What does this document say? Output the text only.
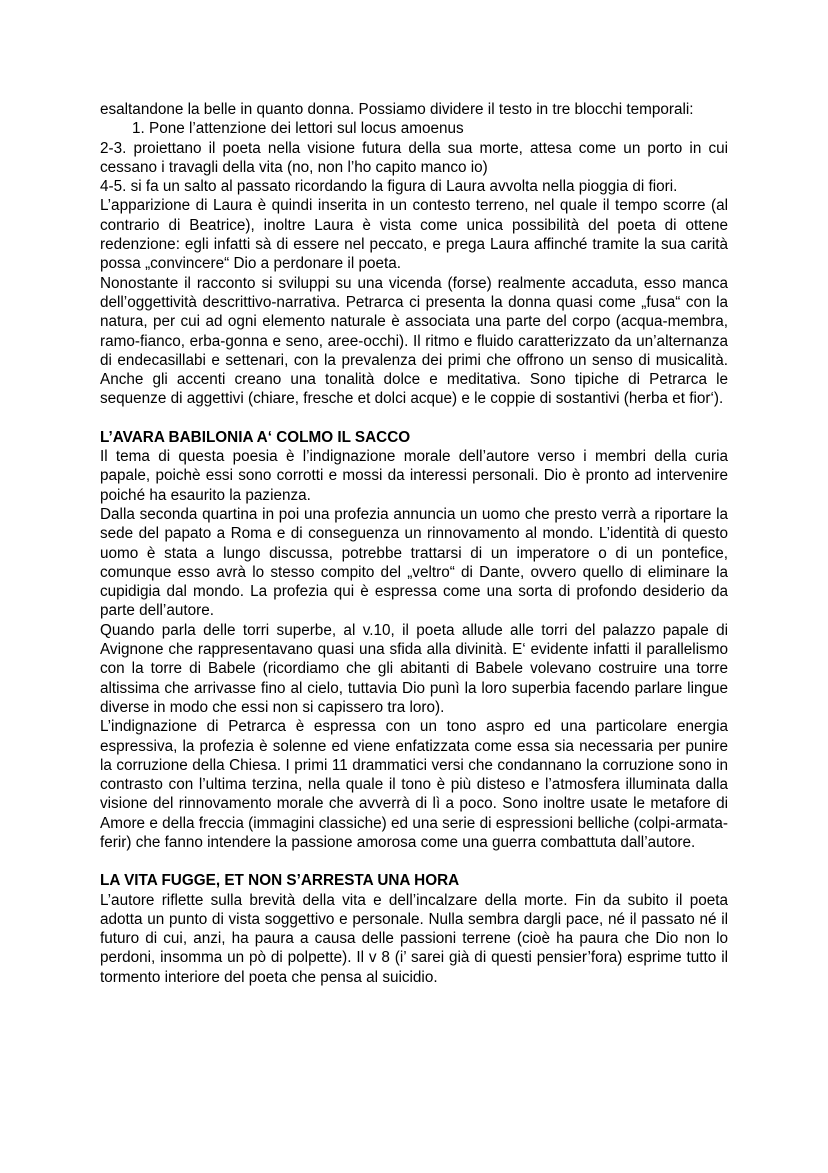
esaltandone la belle in quanto donna. Possiamo dividere il testo in tre blocchi temporali:

1. Pone l’attenzione dei lettori sul locus amoenus

2-3. proiettano il poeta nella visione futura della sua morte, attesa come un porto in cui cessano i travagli della vita (no, non l’ho capito manco io)

4-5. si fa un salto al passato ricordando la figura di Laura avvolta nella pioggia di fiori.

L’apparizione di Laura è quindi inserita in un contesto terreno, nel quale il tempo scorre (al contrario di Beatrice), inoltre Laura è vista come unica possibilità del poeta di ottene redenzione: egli infatti sà di essere nel peccato, e prega Laura affinché tramite la sua carità possa „convincere“ Dio a perdonare il poeta.

Nonostante il racconto si sviluppi su una vicenda (forse) realmente accaduta, esso manca dell’oggettività descrittivo-narrativa. Petrarca ci presenta la donna quasi come „fusa“ con la natura, per cui ad ogni elemento naturale è associata una parte del corpo (acqua-membra, ramo-fianco, erba-gonna e seno, aree-occhi). Il ritmo e fluido caratterizzato da un’alternanza di endecasillabi e settenari, con la prevalenza dei primi che offrono un senso di musicalità. Anche gli accenti creano una tonalità dolce e meditativa. Sono tipiche di Petrarca le sequenze di aggettivi (chiare, fresche et dolci acque) e le coppie di sostantivi (herba et fior‘).

L’AVARA BABILONIA A‘ COLMO IL SACCO

Il tema di questa poesia è l’indignazione morale dell’autore verso i membri della curia papale, poichè essi sono corrotti e mossi da interessi personali. Dio è pronto ad intervenire poiché ha esaurito la pazienza.

Dalla seconda quartina in poi una profezia annuncia un uomo che presto verrà a riportare la sede del papato a Roma e di conseguenza un rinnovamento al mondo. L’identità di questo uomo è stata a lungo discussa, potrebbe trattarsi di un imperatore o di un pontefice, comunque esso avrà lo stesso compito del „veltro“ di Dante, ovvero quello di eliminare la cupidigia dal mondo. La profezia qui è espressa come una sorta di profondo desiderio da parte dell’autore.

Quando parla delle torri superbe, al v.10, il poeta allude alle torri del palazzo papale di Avignone che rappresentavano quasi una sfida alla divinità. E‘ evidente infatti il parallelismo con la torre di Babele (ricordiamo che gli abitanti di Babele volevano costruire una torre altissima che arrivasse fino al cielo, tuttavia Dio punì la loro superbia facendo parlare lingue diverse in modo che essi non si capissero tra loro).

L’indignazione di Petrarca è espressa con un tono aspro ed una particolare energia espressiva, la profezia è solenne ed viene enfatizzata come essa sia necessaria per punire la corruzione della Chiesa. I primi 11 drammatici versi che condannano la corruzione sono in contrasto con l’ultima terzina, nella quale il tono è più disteso e l’atmosfera illuminata dalla visione del rinnovamento morale che avverrà di lì a poco. Sono inoltre usate le metafore di Amore e della freccia (immagini classiche) ed una serie di espressioni belliche (colpi-armata-ferir) che fanno intendere la passione amorosa come una guerra combattuta dall’autore.

LA VITA FUGGE, ET NON S’ARRESTA UNA HORA

L’autore riflette sulla brevità della vita e dell’incalzare della morte. Fin da subito il poeta adotta un punto di vista soggettivo e personale. Nulla sembra dargli pace, né il passato né il futuro di cui, anzi, ha paura a causa delle passioni terrene (cioè ha paura che Dio non lo perdoni, insomma un pò di polpette). Il v 8 (i’ sarei già di questi pensier’fora) esprime tutto il tormento interiore del poeta che pensa al suicidio.
